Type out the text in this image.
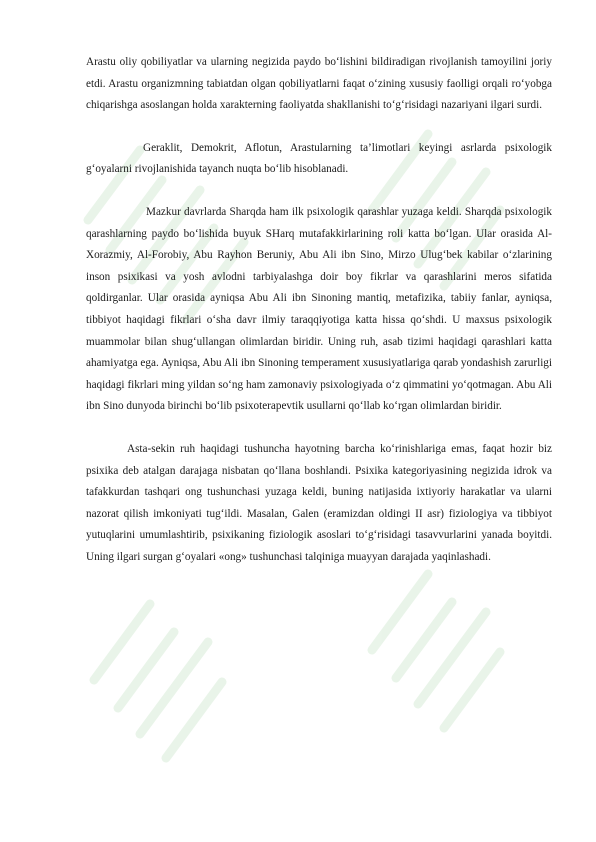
Arastu oliy qobiliyatlar va ularning negizida paydo bo‘lishini bildiradigan rivojlanish tamoyilini joriy etdi. Arastu organizmning tabiatdan olgan qobiliyatlarni faqat o‘zining xususiy faolligi orqali ro‘yobga chiqarishga asoslangan holda xarakterning faoliyatda shakllanishi to‘g‘risidagi nazariyani ilgari surdi.

Geraklit, Demokrit, Aflotun, Arastularning ta’limotlari keyingi asrlarda psixologik g‘oyalarni rivojlanishida tayanch nuqta bo‘lib hisoblanadi.

Mazkur davrlarda Sharqda ham ilk psixologik qarashlar yuzaga keldi. Sharqda psixologik qarashlarning paydo bo‘lishida buyuk SHarq mutafakkirlarining roli katta bo‘lgan. Ular orasida Al-Xorazmiy, Al-Forobiy, Abu Rayhon Beruniy, Abu Ali ibn Sino, Mirzo Ulug‘bek kabilar o‘zlarining inson psixikasi va yosh avlodni tarbiyalashga doir boy fikrlar va qarashlarini meros sifatida qoldirganlar. Ular orasida ayniqsa Abu Ali ibn Sinoning mantiq, metafizika, tabiiy fanlar, ayniqsa, tibbiyot haqidagi fikrlari o‘sha davr ilmiy taraqqiyotiga katta hissa qo‘shdi. U maxsus psixologik muammolar bilan shug‘ullangan olimlardan biridir. Uning ruh, asab tizimi haqidagi qarashlari katta ahamiyatga ega. Ayniqsa, Abu Ali ibn Sinoning temperament xususiyatlariga qarab yondashish zarurligi haqidagi fikrlari ming yildan so‘ng ham zamonaviy psixologiyada o‘z qimmatini yo‘qotmagan. Abu Ali ibn Sino dunyoda birinchi bo‘lib psixoterapevtik usullarni qo‘llab ko‘rgan olimlardan biridir.

Asta-sekin ruh haqidagi tushuncha hayotning barcha ko‘rinishlariga emas, faqat hozir biz psixika deb atalgan darajaga nisbatan qo‘llana boshlandi. Psixika kategoriyasining negizida idrok va tafakkurdan tashqari ong tushunchasi yuzaga keldi, buning natijasida ixtiyoriy harakatlar va ularni nazorat qilish imkoniyati tug‘ildi. Masalan, Galen (eramizdan oldingi II asr) fiziologiya va tibbiyot yutuqlarini umumlashtirib, psixikaning fiziologik asoslari to‘g‘risidagi tasavvurlarini yanada boyitdi. Uning ilgari surgan g‘oyalari «ong» tushunchasi talqiniga muayyan darajada yaqinlashadi.
